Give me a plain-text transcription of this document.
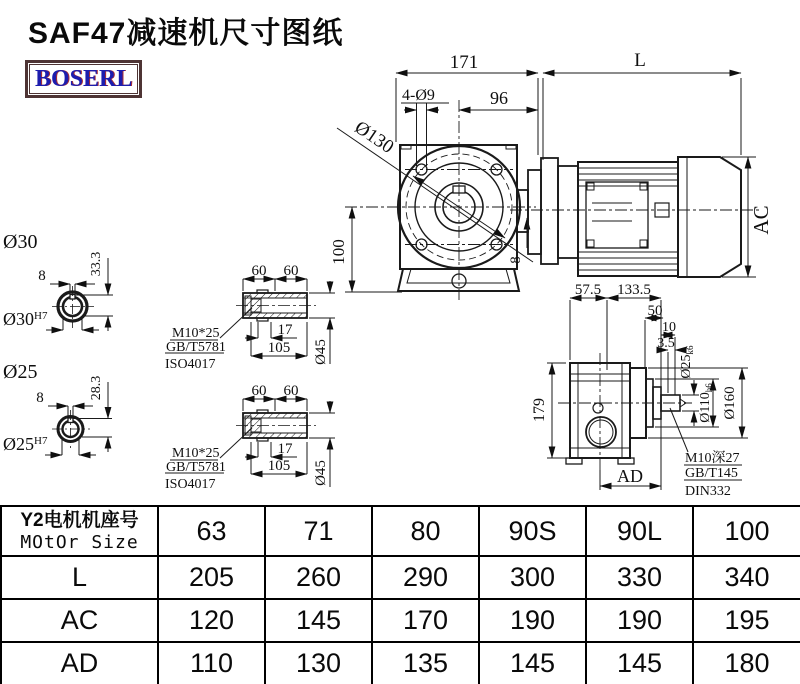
SAF47减速机尺寸图纸
BOSERL
171	L
96
4-Ø9
Ø130
100	8
AC
57.5 133.5
50
10
3.5
$Ø25_{k6}$
$Ø110_{h6}$ Ø160
179
AD
M10深27
GB/T145
DIN332
Ø30
8	33.3
$Ø30^{H7}$
Ø25
8	28.3
$Ø25^{H7}$
60 60
17
105 Ø45
M10*25
GB/T5781
ISO4017
60 60
17
105 Ø45
M10*25
GB/T5781
ISO4017
Y2电机机座号
MOtOr Size	63	71	80	90S	90L	100
L	205	260	290	300	330	340
AC	120	145	170	190	190	195
AD	110	130	135	145	145	180
